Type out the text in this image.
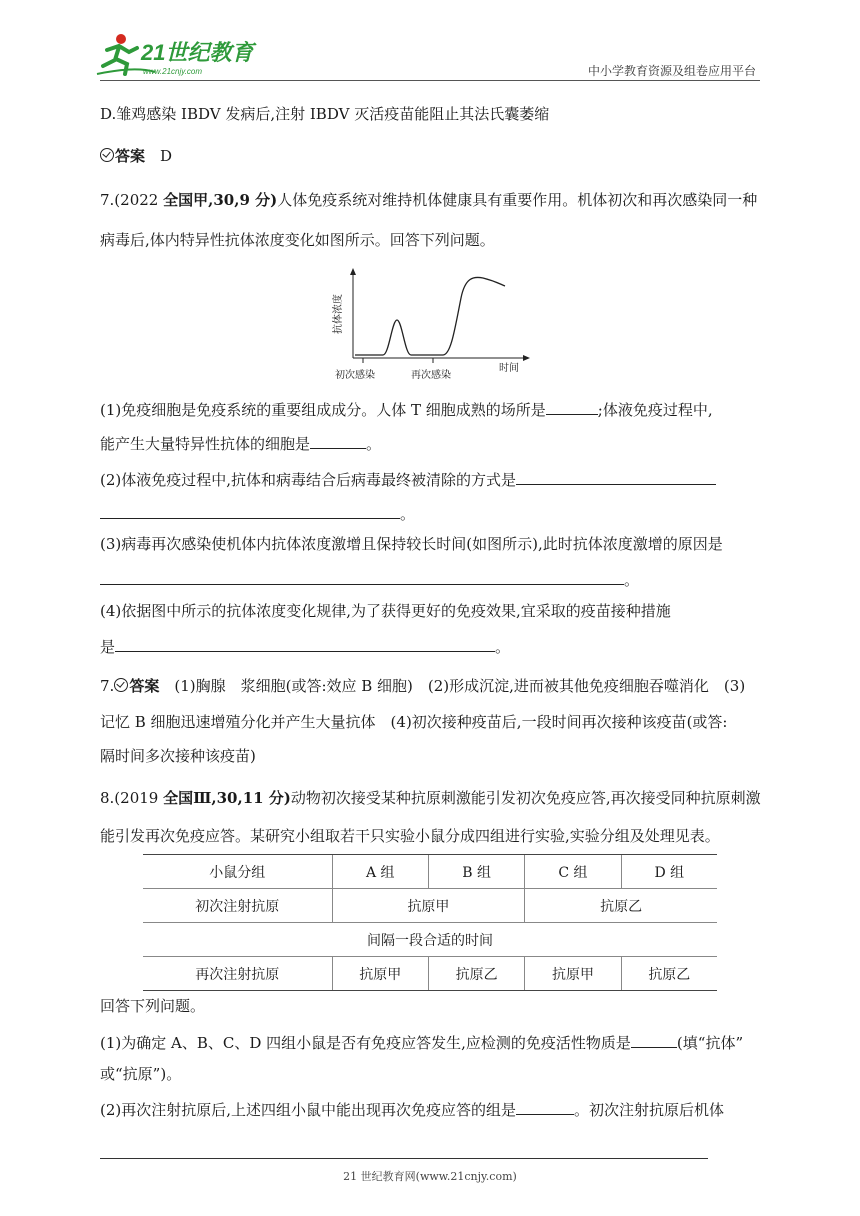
21世纪教育
www.21cnjy.com	中小学教育资源及组卷应用平台
D.雏鸡感染 IBDV 发病后,注射 IBDV 灭活疫苗能阻止其法氏囊萎缩
答案　 D
7.(2022 全国甲,30,9 分)人体免疫系统对维持机体健康具有重要作用。机体初次和再次感染同一种
病毒后,体内特异性抗体浓度变化如图所示。回答下列问题。
抗体浓度
时间
初次感染	再次感染
(1)免疫细胞是免疫系统的重要组成成分。人体 T 细胞成熟的场所是	;体液免疫过程中,
能产生大量特异性抗体的细胞是	。
(2)体液免疫过程中,抗体和病毒结合后病毒最终被清除的方式是
。
(3)病毒再次感染使机体内抗体浓度激增且保持较长时间(如图所示),此时抗体浓度激增的原因是
。
(4)依据图中所示的抗体浓度变化规律,为了获得更好的免疫效果,宜采取的疫苗接种措施
是	。
7. 答案　 (1)胸腺　浆细胞(或答:效应 B 细胞)　(2)形成沉淀,进而被其他免疫细胞吞噬消化　(3)
记忆 B 细胞迅速增殖分化并产生大量抗体　(4)初次接种疫苗后,一段时间再次接种该疫苗(或答:
隔时间多次接种该疫苗)
8.(2019 全国Ⅲ,30,11 分)动物初次接受某种抗原刺激能引发初次免疫应答,再次接受同种抗原刺激
能引发再次免疫应答。某研究小组取若干只实验小鼠分成四组进行实验,实验分组及处理见表。
小鼠分组	A 组	B 组	C 组	D 组
初次注射抗原	抗原甲		抗原乙	
间隔一段合适的时间				
再次注射抗原	抗原甲	抗原乙	抗原甲	抗原乙
回答下列问题。
(1)为确定 A、B、C、D 四组小鼠是否有免疫应答发生,应检测的免疫活性物质是	(填“抗体”
或“抗原”)。
(2)再次注射抗原后,上述四组小鼠中能出现再次免疫应答的组是	。初次注射抗原后机体
21 世纪教育网(www.21cnjy.com)
